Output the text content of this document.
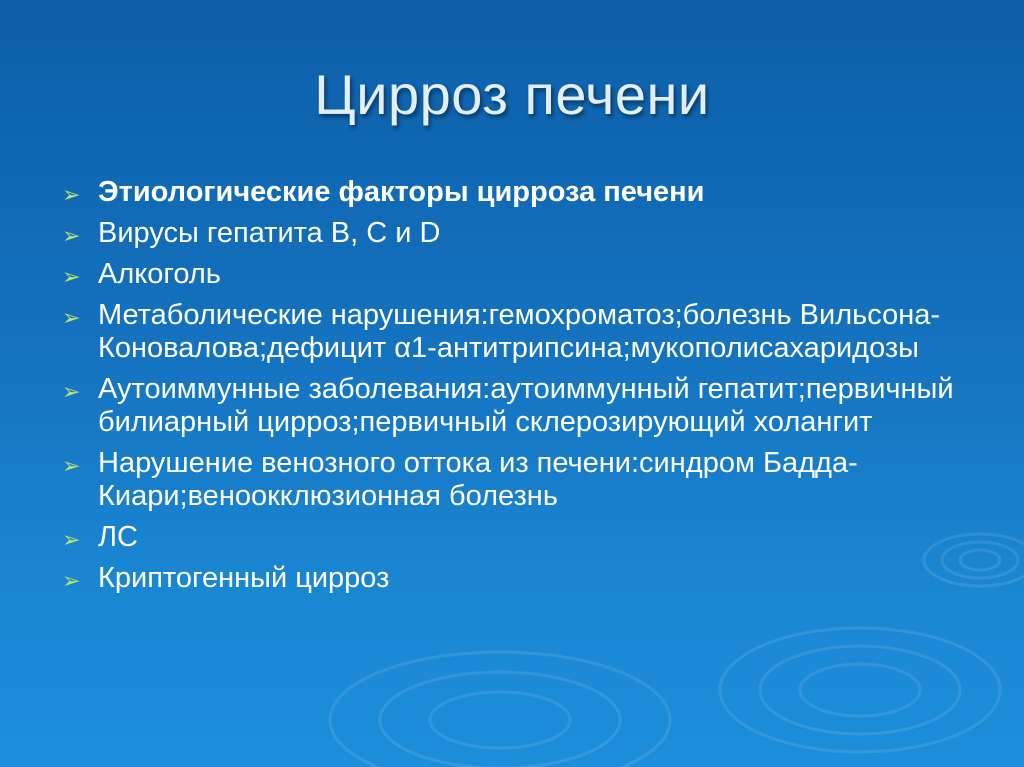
Цирроз печени
➢ Этиологические факторы цирроза печени
➢ Вирусы гепатита В, С и D
➢ Алкоголь
➢ Метаболические нарушения:гемохроматоз;болезнь Вильсона-Коновалова;дефицит α1-антитрипсина;мукополисахаридозы
➢ Аутоиммунные заболевания:аутоиммунный гепатит;первичный билиарный цирроз;первичный склерозирующий холангит
➢ Нарушение венозного оттока из печени:синдром Бадда-Киари;веноокклюзионная болезнь
➢ ЛС
➢ Криптогенный цирроз
